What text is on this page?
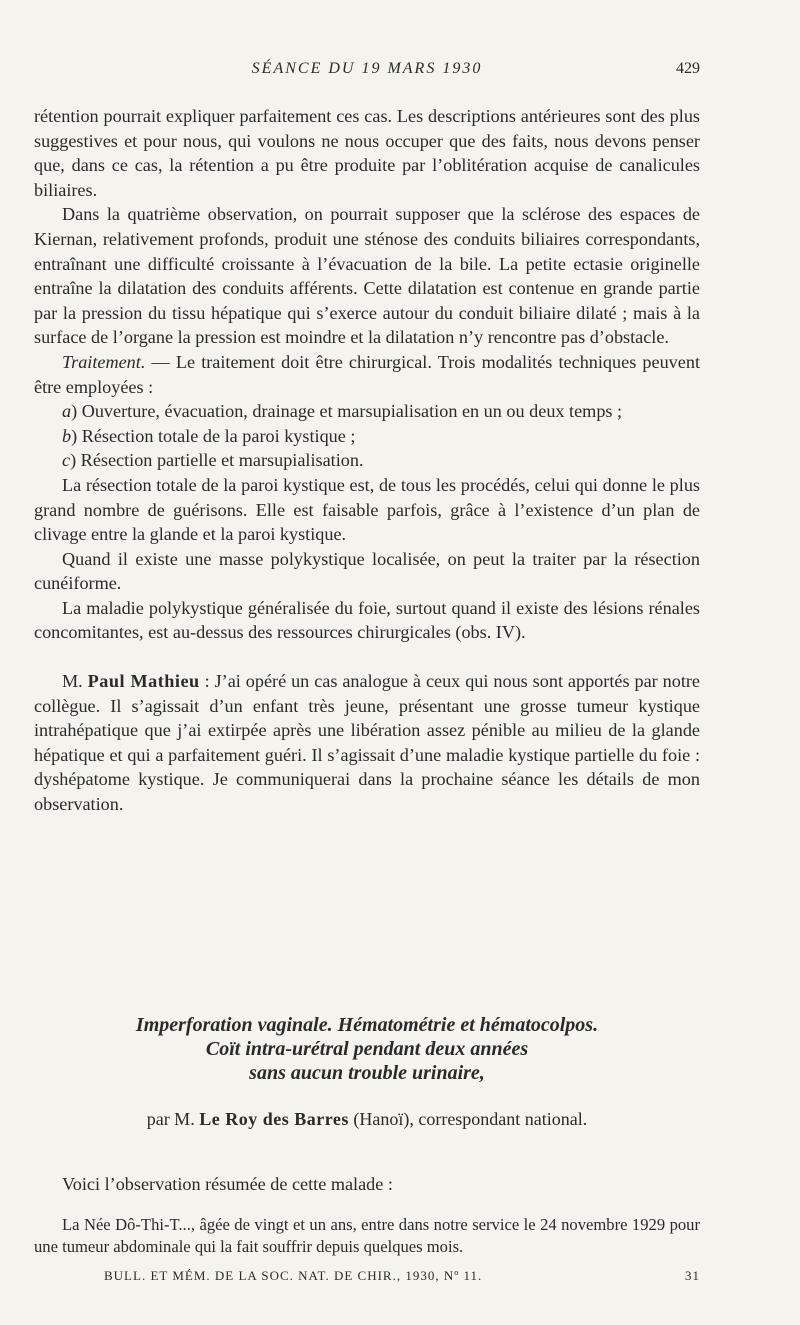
SÉANCE DU 19 MARS 1930	429

rétention pourrait expliquer parfaitement ces cas. Les descriptions antérieures sont des plus suggestives et pour nous, qui voulons ne nous occuper que des faits, nous devons penser que, dans ce cas, la rétention a pu être produite par l’oblitération acquise de canalicules biliaires.

Dans la quatrième observation, on pourrait supposer que la sclérose des espaces de Kiernan, relativement profonds, produit une sténose des conduits biliaires correspondants, entraînant une difficulté croissante à l’évacuation de la bile. La petite ectasie originelle entraîne la dilatation des conduits afférents. Cette dilatation est contenue en grande partie par la pression du tissu hépatique qui s’exerce autour du conduit biliaire dilaté ; mais à la surface de l’organe la pression est moindre et la dilatation n’y rencontre pas d’obstacle.

Traitement. — Le traitement doit être chirurgical. Trois modalités techniques peuvent être employées :

a) Ouverture, évacuation, drainage et marsupialisation en un ou deux temps ;

b) Résection totale de la paroi kystique ;

c) Résection partielle et marsupialisation.

La résection totale de la paroi kystique est, de tous les procédés, celui qui donne le plus grand nombre de guérisons. Elle est faisable parfois, grâce à l’existence d’un plan de clivage entre la glande et la paroi kystique.

Quand il existe une masse polykystique localisée, on peut la traiter par la résection cunéiforme.

La maladie polykystique généralisée du foie, surtout quand il existe des lésions rénales concomitantes, est au-dessus des ressources chirurgicales (obs. IV).

M. Paul Mathieu : J’ai opéré un cas analogue à ceux qui nous sont apportés par notre collègue. Il s’agissait d’un enfant très jeune, présentant une grosse tumeur kystique intrahépatique que j’ai extirpée après une libération assez pénible au milieu de la glande hépatique et qui a parfaitement guéri. Il s’agissait d’une maladie kystique partielle du foie : dyshépatome kystique. Je communiquerai dans la prochaine séance les détails de mon observation.

Imperforation vaginale. Hématométrie et hématocolpos.
Coït intra-urétral pendant deux années
sans aucun trouble urinaire,
par M. Le Roy des Barres (Hanoï), correspondant national.
Voici l’observation résumée de cette malade :

La Née Dô-Thi-T..., âgée de vingt et un ans, entre dans notre service le 24 novembre 1929 pour une tumeur abdominale qui la fait souffrir depuis quelques mois.

BULL. ET MÉM. DE LA SOC. NAT. DE CHIR., 1930, Nº 11.	31
